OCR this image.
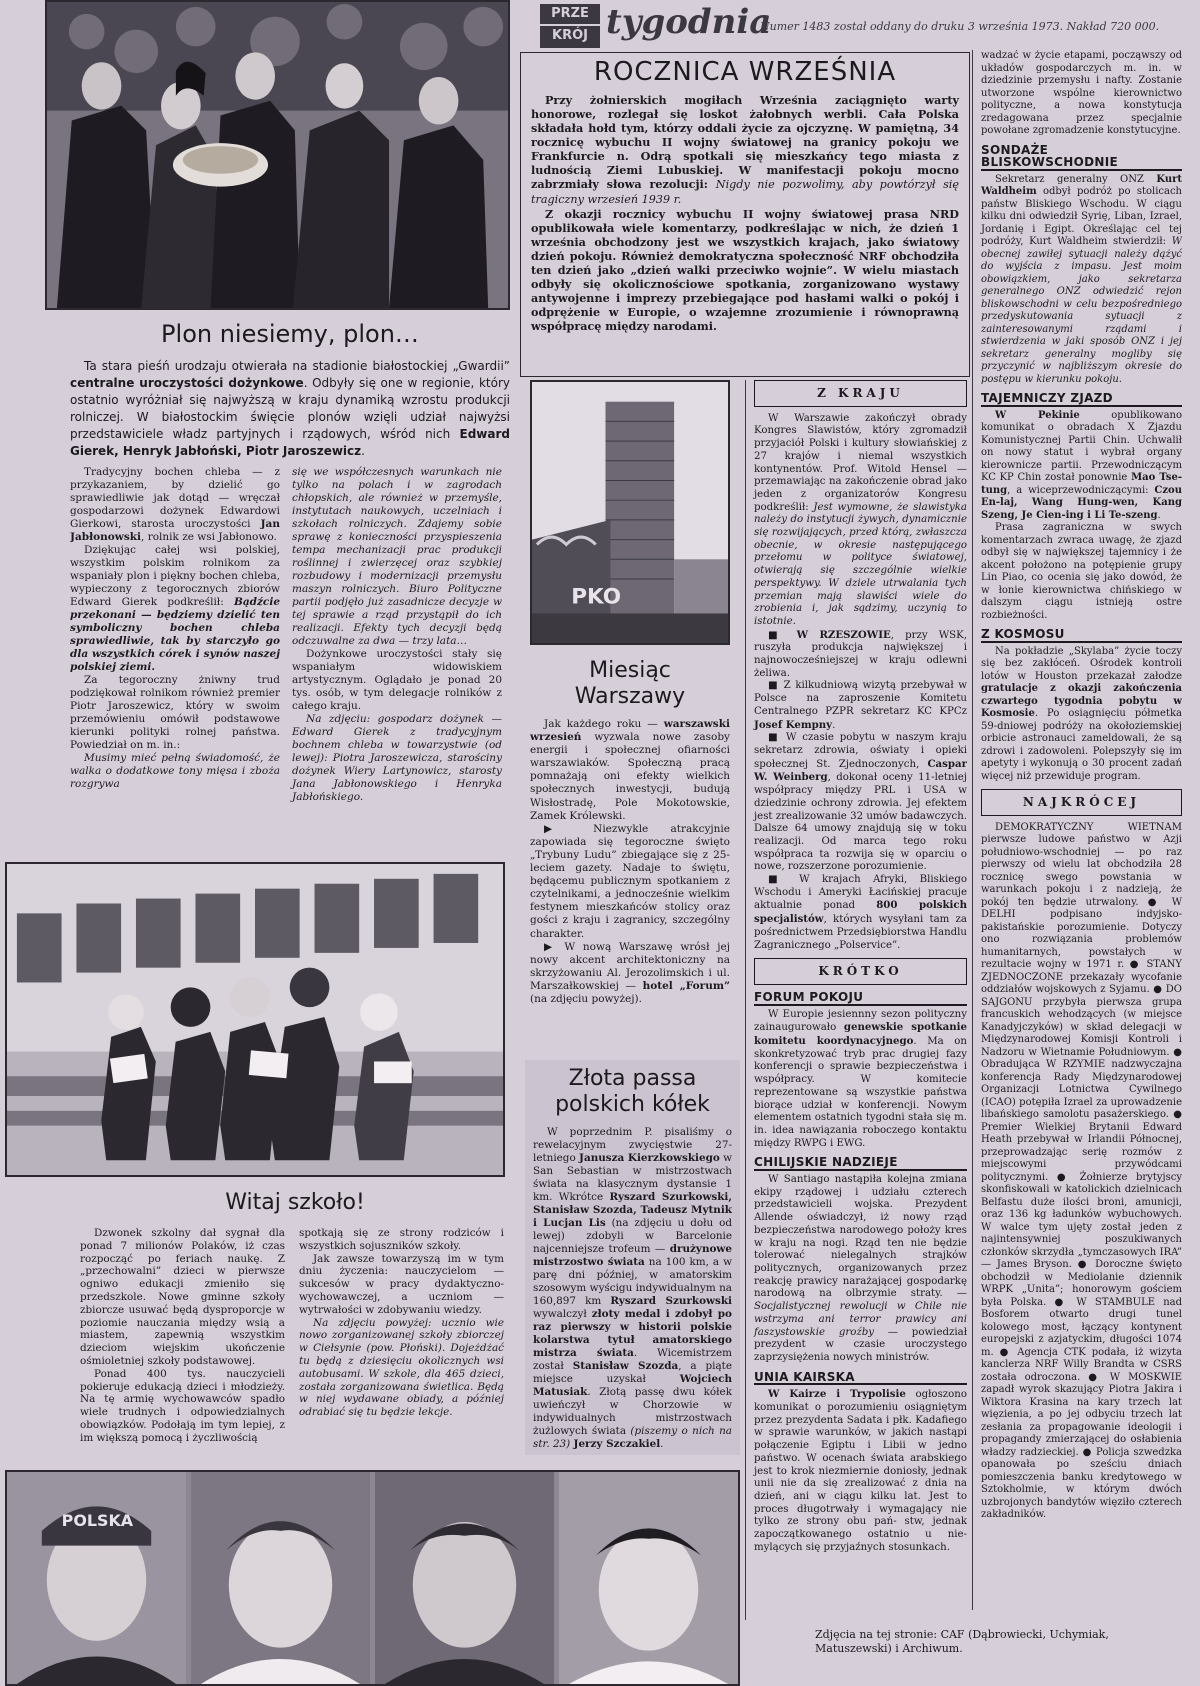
PRZE
KRÓJ tygodnia
Numer 1483 został oddany do druku 3 września 1973. Nakład 720 000.
ROCZNICA WRZEŚNIA

Przy żołnierskich mogiłach Września zaciągnięto warty honorowe, rozlegał się loskot żałobnych werbli. Cała Polska składała hołd tym, którzy oddali życie za ojczyznę. W pamiętną, 34 rocznicę wybuchu II wojny światowej na granicy pokoju we Frankfurcie n. Odrą spotkali się mieszkańcy tego miasta z ludnością Ziemi Lubuskiej. W manifestacji pokoju mocno zabrzmiały słowa rezolucji: Nigdy nie pozwolimy, aby powtórzył się tragiczny wrzesień 1939 r.

Z okazji rocznicy wybuchu II wojny światowej prasa NRD opublikowała wiele komentarzy, podkreślając w nich, że dzień 1 września obchodzony jest we wszystkich krajach, jako światowy dzień pokoju. Również demokratyczna społeczność NRF obchodziła ten dzień jako „dzień walki przeciwko wojnie”. W wielu miastach odbyły się okolicznościowe spotkania, zorganizowano wystawy antywojenne i imprezy przebiegające pod hasłami walki o pokój i odprężenie w Europie, o wzajemne zrozumienie i równoprawną współpracę między narodami.

wadzać w życie etapami, począwszy od układów gospodarczych m. in. w dziedzinie przemysłu i nafty. Zostanie utworzone wspólne kierownictwo polityczne, a nowa konstytucja zredagowana przez specjalnie powołane zgromadzenie konstytucyjne.

SONDAŻE BLISKOWSCHODNIE

Sekretarz generalny ONZ Kurt Waldheim odbył podróż po stolicach państw Bliskiego Wschodu. W ciągu kilku dni odwiedził Syrię, Liban, Izrael, Jordanię i Egipt. Określając cel tej podróży, Kurt Waldheim stwierdził: W obecnej zawiłej sytuacji należy dążyć do wyjścia z impasu. Jest moim obowiązkiem, jako sekretarza generalnego ONZ odwiedzić rejon bliskowschodni w celu bezpośredniego przedyskutowania sytuacji z zainteresowanymi rządami i stwierdzenia w jaki sposób ONZ i jej sekretarz generalny mogliby się przyczynić w najbliższym okresie do postępu w kierunku pokoju.

TAJEMNICZY ZJAZD

W Pekinie opublikowano komunikat o obradach X Zjazdu Komunistycznej Partii Chin. Uchwalił on nowy statut i wybrał organy kierownicze partii. Przewodniczącym KC KP Chin został ponownie Mao Tse-tung, a wiceprzewodniczącymi: Czou En-laj, Wang Hung-wen, Kang Szeng, Je Cien-ing i Li Te-szeng.

Prasa zagraniczna w swych komentarzach zwraca uwagę, że zjazd odbył się w największej tajemnicy i że akcent położono na potępienie grupy Lin Piao, co ocenia się jako dowód, że w łonie kierownictwa chińskiego w dalszym ciągu istnieją ostre rozbieżności.

Z KOSMOSU

Na pokładzie „Skylaba” życie toczy się bez zakłóceń. Ośrodek kontroli lotów w Houston przekazał załodze gratulacje z okazji zakończenia czwartego tygodnia pobytu w Kosmosie. Po osiągnięciu półmetka 59-dniowej podróży na okołoziemskiej orbicie astronauci zameldowali, że są zdrowi i zadowoleni. Polepszyły się im apetyty i wykonują o 30 procent zadań więcej niż przewiduje program.

NAJKRÓCEJ

DEMOKRATYCZNY WIETNAM pierwsze ludowe państwo w Azji południowo-wschodniej — po raz pierwszy od wielu lat obchodziła 28 rocznicę swego powstania w warunkach pokoju i z nadzieją, że pokój ten będzie utrwalony. ● W DELHI podpisano indyjsko-pakistańskie porozumienie. Dotyczy ono rozwiązania problemów humanitarnych, powstałych w rezultacie wojny w 1971 r. ● STANY ZJEDNOCZONE przekazały wycofanie oddziałów wojskowych z Syjamu. ● DO SAJGONU przybyła pierwsza grupa francuskich wehodzących (w miejsce Kanadyjczyków) w skład delegacji w Międzynarodowej Komisji Kontroli i Nadzoru w Wietnamie Południowym. ● Obradująca W RZYMIE nadzwyczajna konferencja Rady Międzynarodowej Organizacji Lotnictwa Cywilnego (ICAO) potępiła Izrael za uprowadzenie libańskiego samolotu pasażerskiego. ● Premier Wielkiej Brytanii Edward Heath przebywał w Irlandii Północnej, przeprowadzając serię rozmów z miejscowymi przywódcami politycznymi. ● Żołnierze brytyjscy skonfiskowali w katolickich dzielnicach Belfastu duże ilości broni, amunicji, oraz 136 kg ładunków wybuchowych. W walce tym ujęty został jeden z najintensywniej poszukiwanych członków skrzydła „tymczasowych IRA” — James Bryson. ● Doroczne święto obchodził w Mediolanie dziennik WRPK „Unita”; honorowym gościem była Polska. ● W STAMBULE nad Bosforem otwarto drugi tunel kolowego most, łączący kontynent europejski z azjatyckim, długości 1074 m. ● Agencja CTK podała, iż wizyta kanclerza NRF Willy Brandta w CSRS została odroczona. ● W MOSKWIE zapadł wyrok skazujący Piotra Jakira i Wiktora Krasina na kary trzech lat więzienia, a po jej odbyciu trzech lat zesłania za propagowanie ideologii i propagandy zmierzającej do osłabienia władzy radzieckiej. ● Policja szwedzka opanowała po sześciu dniach pomieszczenia banku kredytowego w Sztokholmie, w którym dwóch uzbrojonych bandytów więziło czterech zakładników.

Plon niesiemy, plon…

Ta stara pieśń urodzaju otwierała na stadionie białostockiej „Gwardii” centralne uroczystości dożynkowe. Odbyły się one w regionie, który ostatnio wyróżniał się najwyższą w kraju dynamiką wzrostu produkcji rolniczej. W białostockim święcie plonów wzięli udział najwyżsi przedstawiciele władz partyjnych i rządowych, wśród nich Edward Gierek, Henryk Jabłoński, Piotr Jaroszewicz.

Tradycyjny bochen chleba — z przykazaniem, by dzielić go sprawiedliwie jak dotąd — wręczał gospodarzowi dożynek Edwardowi Gierkowi, starosta uroczystości Jan Jabłonowski, rolnik ze wsi Jabłonowo.

Dziękując całej wsi polskiej, wszystkim polskim rolnikom za wspaniały plon i piękny bochen chleba, wypieczony z tegorocznych zbiorów Edward Gierek podkreślił: Bądźcie przekonani — będziemy dzielić ten symboliczny bochen chleba sprawiedliwie, tak by starczyło go dla wszystkich córek i synów naszej polskiej ziemi.

Za tegoroczny żniwny trud podziękował rolnikom również premier Piotr Jaroszewicz, który w swoim przemówieniu omówił podstawowe kierunki polityki rolnej państwa. Powiedział on m. in.:

Musimy mieć pełną świadomość, że walka o dodatkowe tony mięsa i zboża rozgrywa

się we współczesnych warunkach nie tylko na polach i w zagrodach chłopskich, ale również w przemyśle, instytutach naukowych, uczelniach i szkołach rolniczych. Zdajemy sobie sprawę z konieczności przyspieszenia tempa mechanizacji prac produkcji roślinnej i zwierzęcej oraz szybkiej rozbudowy i modernizacji przemysłu maszyn rolniczych. Biuro Polityczne partii podjęło już zasadnicze decyzje w tej sprawie a rząd przystąpił do ich realizacji. Efekty tych decyzji będą odczuwalne za dwa — trzy lata…

Dożynkowe uroczystości stały się wspaniałym widowiskiem artystycznym. Oglądało je ponad 20 tys. osób, w tym delegacje rolników z całego kraju.

Na zdjęciu: gospodarz dożynek — Edward Gierek z tradycyjnym bochnem chleba w towarzystwie (od lewej): Piotra Jaroszewicza, starościny dożynek Wiery Lartynowicz, starosty Jana Jabłonowskiego i Henryka Jabłońskiego.

PKO
Miesiąc Warszawy

Jak każdego roku — warszawski wrzesień wyzwala nowe zasoby energii i społecznej ofiarności warszawiaków. Społeczną pracą pomnażają oni efekty wielkich społecznych inwestycji, budują Wisłostradę, Pole Mokotowskie, Zamek Królewski.

▶ Niezwykle atrakcyjnie zapowiada się tegoroczne święto „Trybuny Ludu” zbiegające się z 25-leciem gazety. Nadaje to świętu, będącemu publicznym spotkaniem z czytelnikami, a jednocześnie wielkim festynem mieszkańców stolicy oraz gości z kraju i zagranicy, szczególny charakter.

▶ W nową Warszawę wrósł jej nowy akcent architektoniczny na skrzyżowaniu Al. Jerozolimskich i ul. Marszałkowskiej — hotel „Forum” (na zdjęciu powyżej).

Złota passa polskich kółek

W poprzednim P. pisaliśmy o rewelacyjnym zwycięstwie 27-letniego Janusza Kierzkowskiego w San Sebastian w mistrzostwach świata na klasycznym dystansie 1 km. Wkrótce Ryszard Szurkowski, Stanisław Szozda, Tadeusz Mytnik i Lucjan Lis (na zdjęciu u dołu od lewej) zdobyli w Barcelonie najcenniejsze trofeum — drużynowe mistrzostwo świata na 100 km, a w parę dni później, w amatorskim szosowym wyścigu indywidualnym na 160,897 km Ryszard Szurkowski wywalczył złoty medal i zdobył po raz pierwszy w historii polskie kolarstwa tytuł amatorskiego mistrza świata. Wicemistrzem został Stanisław Szozda, a piąte miejsce uzyskał Wojciech Matusiak. Złotą passę dwu kółek uwieńczył w Chorzowie w indywidualnych mistrzostwach żużlowych świata (piszemy o nich na str. 23) Jerzy Szczakiel.

Z KRAJU

W Warszawie zakończył obrady Kongres Slawistów, który zgromadził przyjaciół Polski i kultury słowiańskiej z 27 krajów i niemal wszystkich kontynentów. Prof. Witold Hensel — przemawiając na zakończenie obrad jako jeden z organizatorów Kongresu podkreślił: Jest wymowne, że slawistyka należy do instytucji żywych, dynamicznie się rozwijających, przed którą, zwłaszcza obecnie, w okresie następującego przełomu w polityce światowej, otwierają się szczególnie wielkie perspektywy. W dziele utrwalania tych przemian mają slawiści wiele do zrobienia i, jak sądzimy, uczynią to istotnie.

■ W RZESZOWIE, przy WSK, ruszyła produkcja największej i najnowocześniejszej w kraju odlewni żeliwa.

■ Z kilkudniową wizytą przebywał w Polsce na zaproszenie Komitetu Centralnego PZPR sekretarz KC KPCz Josef Kempny.

■ W czasie pobytu w naszym kraju sekretarz zdrowia, oświaty i opieki społecznej St. Zjednoczonych, Caspar W. Weinberg, dokonał oceny 11-letniej współpracy między PRL i USA w dziedzinie ochrony zdrowia. Jej efektem jest zrealizowanie 32 umów badawczych. Dalsze 64 umowy znajdują się w toku realizacji. Od marca tego roku współpraca ta rozwija się w oparciu o nowe, rozszerzone porozumienie.

■ W krajach Afryki, Bliskiego Wschodu i Ameryki Łacińskiej pracuje aktualnie ponad 800 polskich specjalistów, których wysyłani tam za pośrednictwem Przedsiębiorstwa Handlu Zagranicznego „Polservice”.

KRÓTKO
FORUM POKOJU

W Europie jesiennny sezon polityczny zainaugurowało genewskie spotkanie komitetu koordynacyjnego. Ma on skonkretyzować tryb prac drugiej fazy konferencji o sprawie bezpieczeństwa i współpracy. W komitecie reprezentowane są wszystkie państwa biorące udział w konferencji. Nowym elementem ostatnich tygodni stała się m. in. idea nawiązania roboczego kontaktu między RWPG i EWG.

CHILIJSKIE NADZIEJE

W Santiago nastąpiła kolejna zmiana ekipy rządowej i udziału czterech przedstawicieli wojska. Prezydent Allende oświadczył, iż nowy rząd bezpieczeństwa narodowego położy kres w kraju na nogi. Rząd ten nie będzie tolerować nielegalnych strajków politycznych, organizowanych przez reakcję prawicy narażającej gospodarkę narodową na olbrzymie straty. — Socjalistycznej rewolucji w Chile nie wstrzyma ani terror prawicy ani faszystowskie groźby — powiedział prezydent w czasie uroczystego zaprzysiężenia nowych ministrów.

UNIA KAIRSKA

W Kairze i Trypolisie ogłoszono komunikat o porozumieniu osiągniętym przez prezydenta Sadata i płk. Kadafiego w sprawie warunków, w jakich nastąpi połączenie Egiptu i Libii w jedno państwo. W ocenach świata arabskiego jest to krok niezmiernie doniosły, jednak unii nie da się zrealizować z dnia na dzień, ani w ciągu kilku lat. Jest to proces długotrwały i wymagający nie tylko ze strony obu pań- stw, jednak zapoczątkowanego ostatnio u nie- mylących się przyjaźnych stosunkach.

Witaj szkoło!

Dzwonek szkolny dał sygnał dla ponad 7 milionów Polaków, iż czas rozpocząć po feriach naukę. Z „przechowalni” dzieci w pierwsze ogniwo edukacji zmieniło się przedszkole. Nowe gminne szkoły zbiorcze usuwać będą dysproporcje w poziomie nauczania między wsią a miastem, zapewnią wszystkim dzieciom wiejskim ukończenie ośmioletniej szkoły podstawowej.

Ponad 400 tys. nauczycieli pokieruje edukacją dzieci i młodzieży. Na tę armię wychowawców spadło wiele trudnych i odpowiedzialnych obowiązków. Podołają im tym lepiej, z im większą pomocą i życzliwością

spotkają się ze strony rodziców i wszystkich sojuszników szkoły.

Jak zawsze towarzyszą im w tym dniu życzenia: nauczycielom — sukcesów w pracy dydaktyczno-wychowawczej, a uczniom — wytrwałości w zdobywaniu wiedzy.

Na zdjęciu powyżej: ucznio wie nowo zorganizowanej szkoły zbiorczej w Ciełsynie (pow. Płoński). Dojeżdżać tu będą z dziesięciu okolicznych wsi autobusami. W szkole, dla 465 dzieci, została zorganizowana świetlica. Będą w niej wydawane obiady, a później odrabiać się tu będzie lekcje.

POLSKA
Zdjęcia na tej stronie: CAF (Dąbrowiecki, Uchymiak, Matuszewski) i Archiwum.
